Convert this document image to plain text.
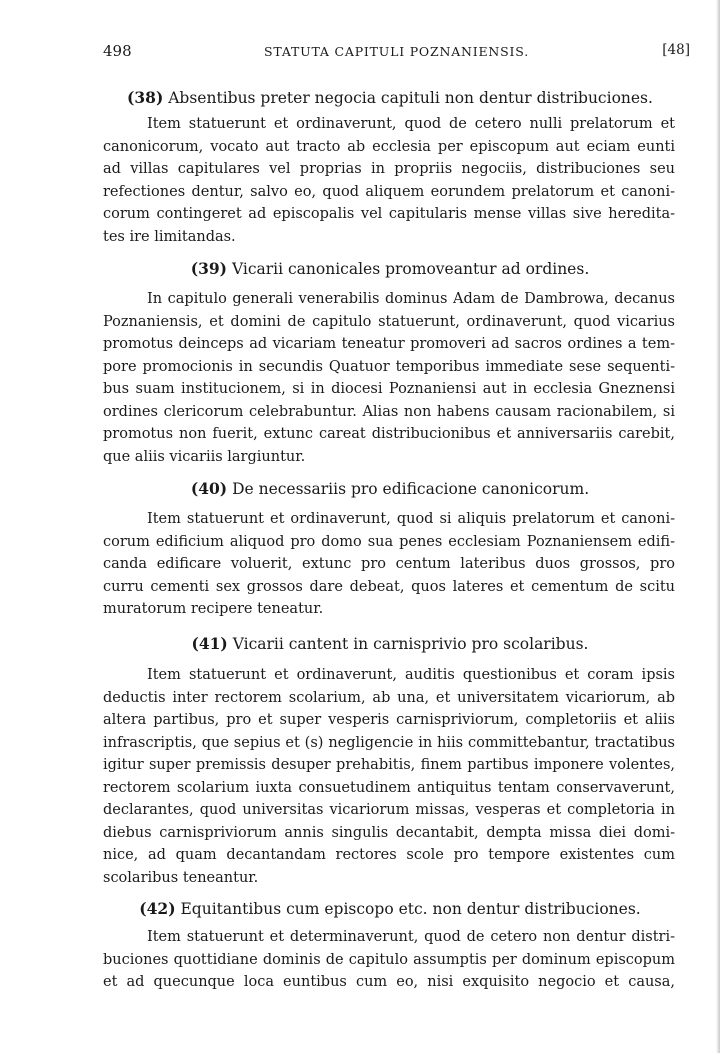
498	STATUTA CAPITULI POZNANIENSIS.	[48]
(38) Absentibus preter negocia capituli non dentur distribuciones.
Item statuerunt et ordinaverunt, quod de cetero nulli prelatorum et
canonicorum, vocato aut tracto ab ecclesia per episcopum aut eciam eunti
ad villas capitulares vel proprias in propriis negociis, distribuciones seu
refectiones dentur, salvo eo, quod aliquem eorundem prelatorum et canoni-
corum contingeret ad episcopalis vel capitularis mense villas sive heredita-
tes ire limitandas.
(39) Vicarii canonicales promoveantur ad ordines.
In capitulo generali venerabilis dominus Adam de Dambrowa, decanus
Poznaniensis, et domini de capitulo statuerunt, ordinaverunt, quod vicarius
promotus deinceps ad vicariam teneatur promoveri ad sacros ordines a tem-
pore promocionis in secundis Quatuor temporibus immediate sese sequenti-
bus suam institucionem, si in diocesi Poznaniensi aut in ecclesia Gneznensi
ordines clericorum celebrabuntur. Alias non habens causam racionabilem, si
promotus non fuerit, extunc careat distribucionibus et anniversariis carebit,
que aliis vicariis largiuntur.
(40) De necessariis pro edificacione canonicorum.
Item statuerunt et ordinaverunt, quod si aliquis prelatorum et canoni-
corum edificium aliquod pro domo sua penes ecclesiam Poznaniensem edifi-
canda edificare voluerit, extunc pro centum lateribus duos grossos, pro
curru cementi sex grossos dare debeat, quos lateres et cementum de scitu
muratorum recipere teneatur.
(41) Vicarii cantent in carnisprivio pro scolaribus.
Item statuerunt et ordinaverunt, auditis questionibus et coram ipsis
deductis inter rectorem scolarium, ab una, et universitatem vicariorum, ab
altera partibus, pro et super vesperis carnispriviorum, completoriis et aliis
infrascriptis, que sepius et (s) negligencie in hiis committebantur, tractatibus
igitur super premissis desuper prehabitis, finem partibus imponere volentes,
rectorem scolarium iuxta consuetudinem antiquitus tentam conservaverunt,
declarantes, quod universitas vicariorum missas, vesperas et completoria in
diebus carnispriviorum annis singulis decantabit, dempta missa diei domi-
nice, ad quam decantandam rectores scole pro tempore existentes cum
scolaribus teneantur.
(42) Equitantibus cum episcopo etc. non dentur distribuciones.
Item statuerunt et determinaverunt, quod de cetero non dentur distri-
buciones quottidiane dominis de capitulo assumptis per dominum episcopum
et ad quecunque loca euntibus cum eo, nisi exquisito negocio et causa,
